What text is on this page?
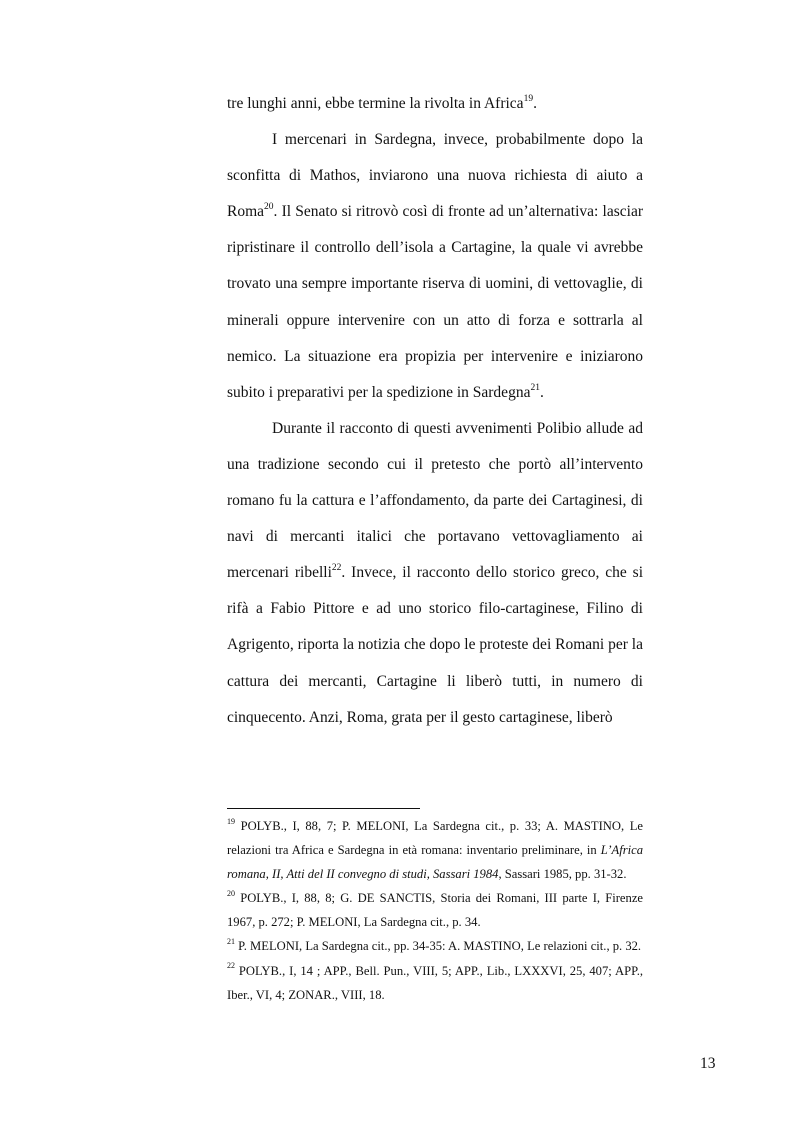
tre lunghi anni, ebbe termine la rivolta in Africa$^{19}$.

I mercenari in Sardegna, invece, probabilmente dopo la sconfitta di Mathos, inviarono una nuova richiesta di aiuto a Roma$^{20}$. Il Senato si ritrovò così di fronte ad un’alternativa: lasciar ripristinare il controllo dell’isola a Cartagine, la quale vi avrebbe trovato una sempre importante riserva di uomini, di vettovaglie, di minerali oppure intervenire con un atto di forza e sottrarla al nemico. La situazione era propizia per intervenire e iniziarono subito i preparativi per la spedizione in Sardegna$^{21}$.

Durante il racconto di questi avvenimenti Polibio allude ad una tradizione secondo cui il pretesto che portò all’intervento romano fu la cattura e l’affondamento, da parte dei Cartaginesi, di navi di mercanti italici che portavano vettovagliamento ai mercenari ribelli$^{22}$. Invece, il racconto dello storico greco, che si rifà a Fabio Pittore e ad uno storico filo-cartaginese, Filino di Agrigento, riporta la notizia che dopo le proteste dei Romani per la cattura dei mercanti, Cartagine li liberò tutti, in numero di cinquecento. Anzi, Roma, grata per il gesto cartaginese, liberò

$^{19}$ POLYB., I, 88, 7; P. MELONI, La Sardegna cit., p. 33; A. MASTINO, Le relazioni tra Africa e Sardegna in età romana: inventario preliminare, in L’Africa romana, II, Atti del II convegno di studi, Sassari 1984, Sassari 1985, pp. 31-32.

$^{20}$ POLYB., I, 88, 8; G. DE SANCTIS, Storia dei Romani, III parte I, Firenze 1967, p. 272; P. MELONI, La Sardegna cit., p. 34.

$^{21}$ P. MELONI, La Sardegna cit., pp. 34-35: A. MASTINO, Le relazioni cit., p. 32.

$^{22}$ POLYB., I, 14 ; APP., Bell. Pun., VIII, 5; APP., Lib., LXXXVI, 25, 407; APP., Iber., VI, 4; ZONAR., VIII, 18.

13
